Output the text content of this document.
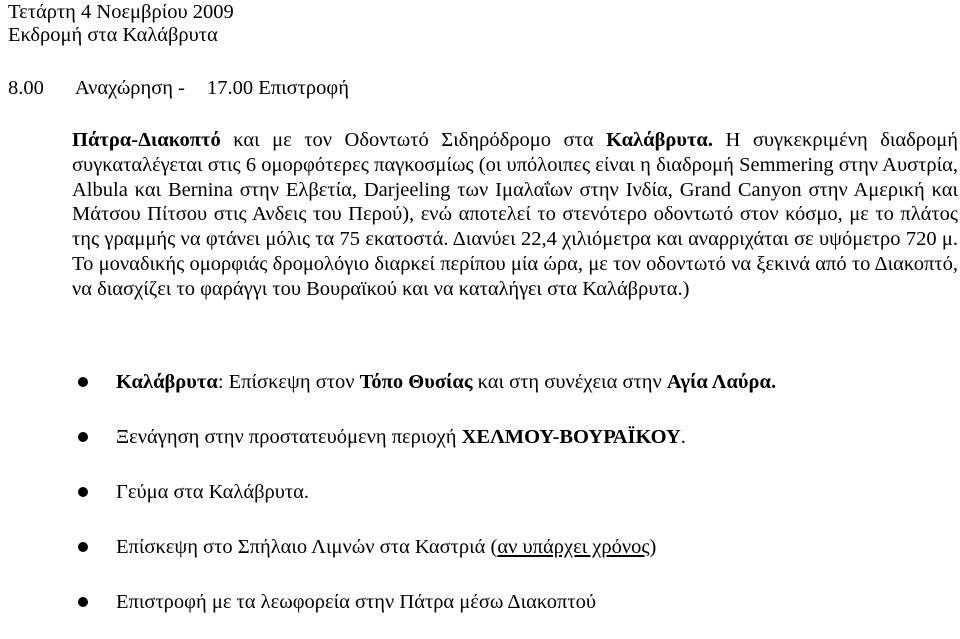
Τετάρτη 4 Νοεμβρίου 2009
Εκδρομή στα Καλάβρυτα
8.00 Αναχώρηση - 17.00 Επιστροφή
Πάτρα-Διακοπτό και με τον Οδοντωτό Σιδηρόδρομο στα Καλάβρυτα. Η συγκεκριμένη διαδρομή συγκαταλέγεται στις 6 ομορφότερες παγκοσμίως (οι υπόλοιπες είναι η διαδρομή Semmering στην Αυστρία, Albula και Bernina στην Ελβετία, Darjeeling των Ιμαλαΐων στην Ινδία, Grand Canyon στην Αμερική και Μάτσου Πίτσου στις Ανδεις του Περού), ενώ αποτελεί το στενότερο οδοντωτό στον κόσμο, με το πλάτος της γραμμής να φτάνει μόλις τα 75 εκατοστά. Διανύει 22,4 χιλιόμετρα και αναρριχάται σε υψόμετρο 720 μ. Το μοναδικής ομορφιάς δρομολόγιο διαρκεί περίπου μία ώρα, με τον οδοντωτό να ξεκινά από το Διακοπτό, να διασχίζει το φαράγγι του Βουραϊκού και να καταλήγει στα Καλάβρυτα.)
Καλάβρυτα: Επίσκεψη στον Τόπο Θυσίας και στη συνέχεια στην Αγία Λαύρα.
Ξενάγηση στην προστατευόμενη περιοχή ΧΕΛΜΟΥ-ΒΟΥΡΑΪΚΟΥ.
Γεύμα στα Καλάβρυτα.
Επίσκεψη στο Σπήλαιο Λιμνών στα Καστριά (αν υπάρχει χρόνος)
Επιστροφή με τα λεωφορεία στην Πάτρα μέσω Διακοπτού
